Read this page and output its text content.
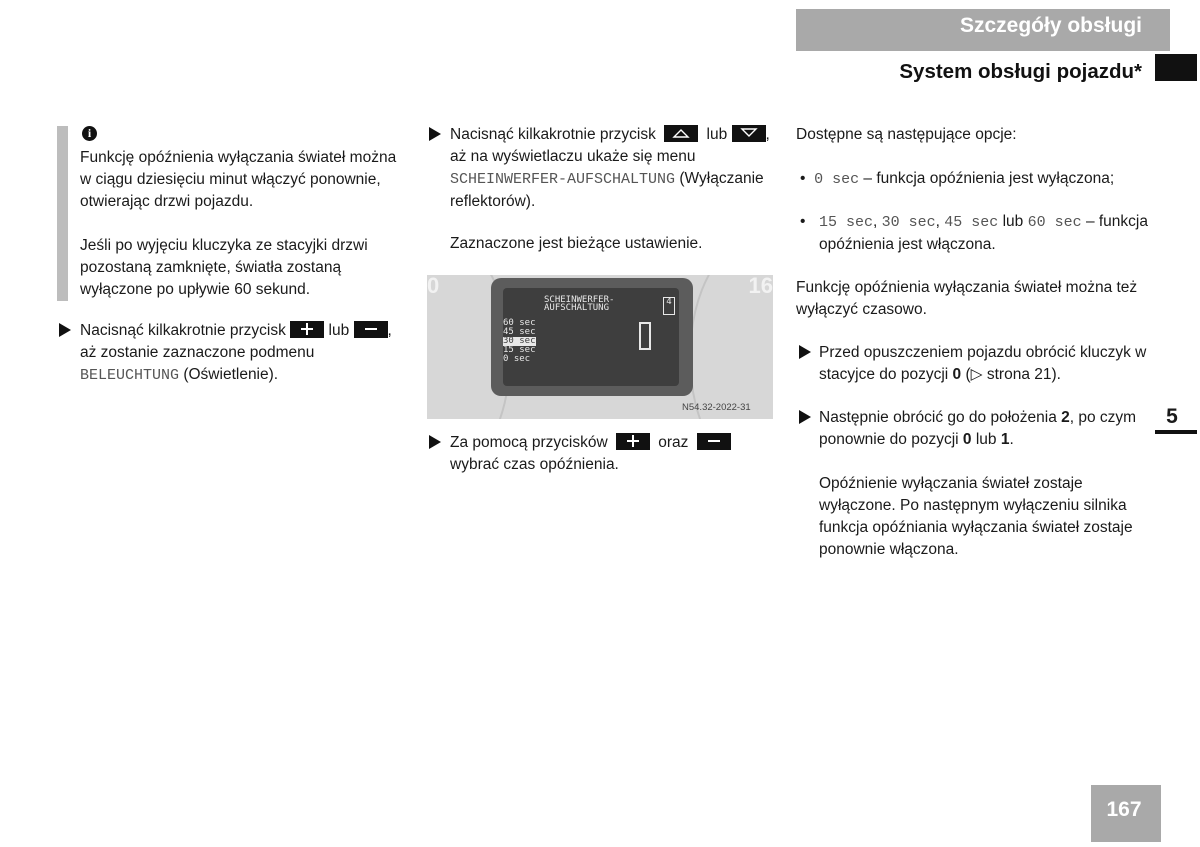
Szczegóły obsługi
System obsługi pojazdu*
5
167
i

Funkcję opóźnienia wyłączania świateł można w ciągu dziesięciu minut włączyć ponownie, otwierając drzwi pojazdu.

Jeśli po wyjęciu kluczyka ze stacyjki drzwi pozostaną zamknięte, światła zostaną wyłączone po upływie 60 sekund.

Nacisnąć kilkakrotnie przycisk	lub , aż zostanie zaznaczone podmenu BELEUCHTUNG (Oświetlenie).
Nacisnąć kilkakrotnie przycisk	lub , aż na wyświetlaczu ukaże się menu SCHEINWERFER-AUFSCHALTUNG (Wyłączanie reflektorów).
Zaznaczone jest bieżące ustawienie.
0	16
SCHEINWERFER-
AUFSCHALTUNG
4
60 sec
45 sec
30 sec
15 sec
0 sec
N54.32-2022-31
Za pomocą przycisków	oraz
wybrać czas opóźnienia.
Dostępne są następujące opcje:
• 0 sec – funkcja opóźnienia jest wyłączona;
• 15 sec, 30 sec, 45 sec lub 60 sec – funkcja opóźnienia jest włączona.
Funkcję opóźnienia wyłączania świateł można też wyłączyć czasowo.
Przed opuszczeniem pojazdu obrócić kluczyk w stacyjce do pozycji 0 (▷ strona 21).
Następnie obrócić go do położenia 2, po czym ponownie do pozycji 0 lub 1.
Opóźnienie wyłączania świateł zostaje wyłączone. Po następnym wyłączeniu silnika funkcja opóźniania wyłączania świateł zostaje ponownie włączona.
